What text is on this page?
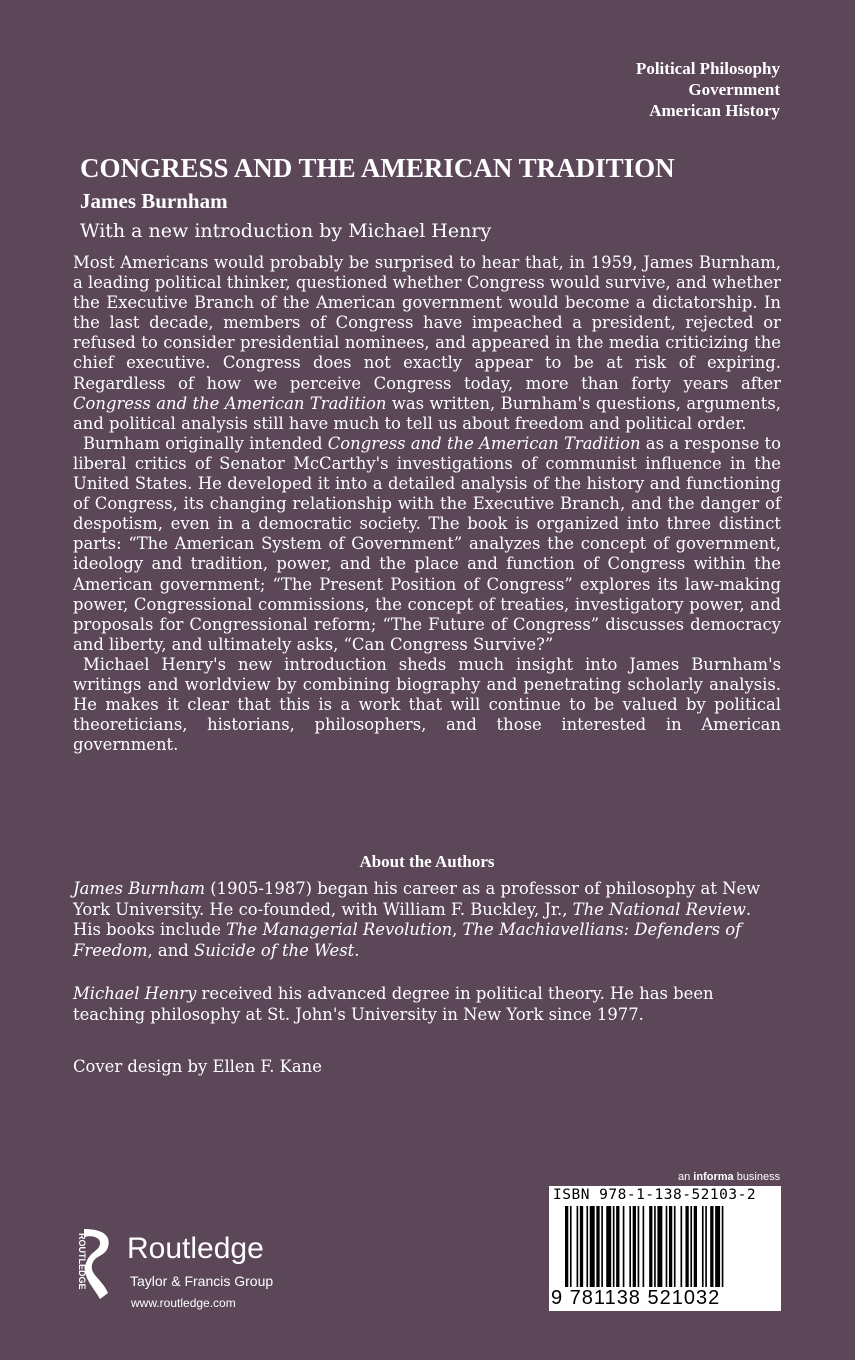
Political Philosophy
Government
American History
CONGRESS AND THE AMERICAN TRADITION
James Burnham
With a new introduction by Michael Henry

Most Americans would probably be surprised to hear that, in 1959, James Burnham, a leading political thinker, questioned whether Congress would survive, and whether the Executive Branch of the American government would become a dictatorship. In the last decade, members of Congress have impeached a president, rejected or refused to consider presidential nominees, and appeared in the media criticizing the chief executive. Congress does not exactly appear to be at risk of expiring. Regardless of how we perceive Congress today, more than forty years after Congress and the American Tradition was written, Burnham's questions, arguments, and political analysis still have much to tell us about freedom and political order.

Burnham originally intended Congress and the American Tradition as a response to liberal critics of Senator McCarthy's investigations of communist influence in the United States. He developed it into a detailed analysis of the history and functioning of Congress, its changing relationship with the Executive Branch, and the danger of despotism, even in a democratic society. The book is organized into three distinct parts: “The American System of Government” analyzes the concept of government, ideology and tradition, power, and the place and function of Congress within the American government; “The Present Position of Congress” explores its law-making power, Congressional commissions, the concept of treaties, investigatory power, and proposals for Congressional reform; “The Future of Congress” discusses democracy and liberty, and ultimately asks, “Can Congress Survive?”

Michael Henry's new introduction sheds much insight into James Burnham's writings and worldview by combining biography and penetrating scholarly analysis. He makes it clear that this is a work that will continue to be valued by political theoreticians, historians, philosophers, and those interested in American government.

About the Authors
James Burnham (1905-1987) began his career as a professor of philosophy at New York University. He co-founded, with William F. Buckley, Jr., The National Review. His books include The Managerial Revolution, The Machiavellians: Defenders of Freedom, and Suicide of the West.
Michael Henry received his advanced degree in political theory. He has been teaching philosophy at St. John's University in New York since 1977.
Cover design by Ellen F. Kane
an informa business
ISBN 978-1-138-52103-2
9 781138 521032
ROUTLEDGE Routledge
Taylor & Francis Group
www.routledge.com
